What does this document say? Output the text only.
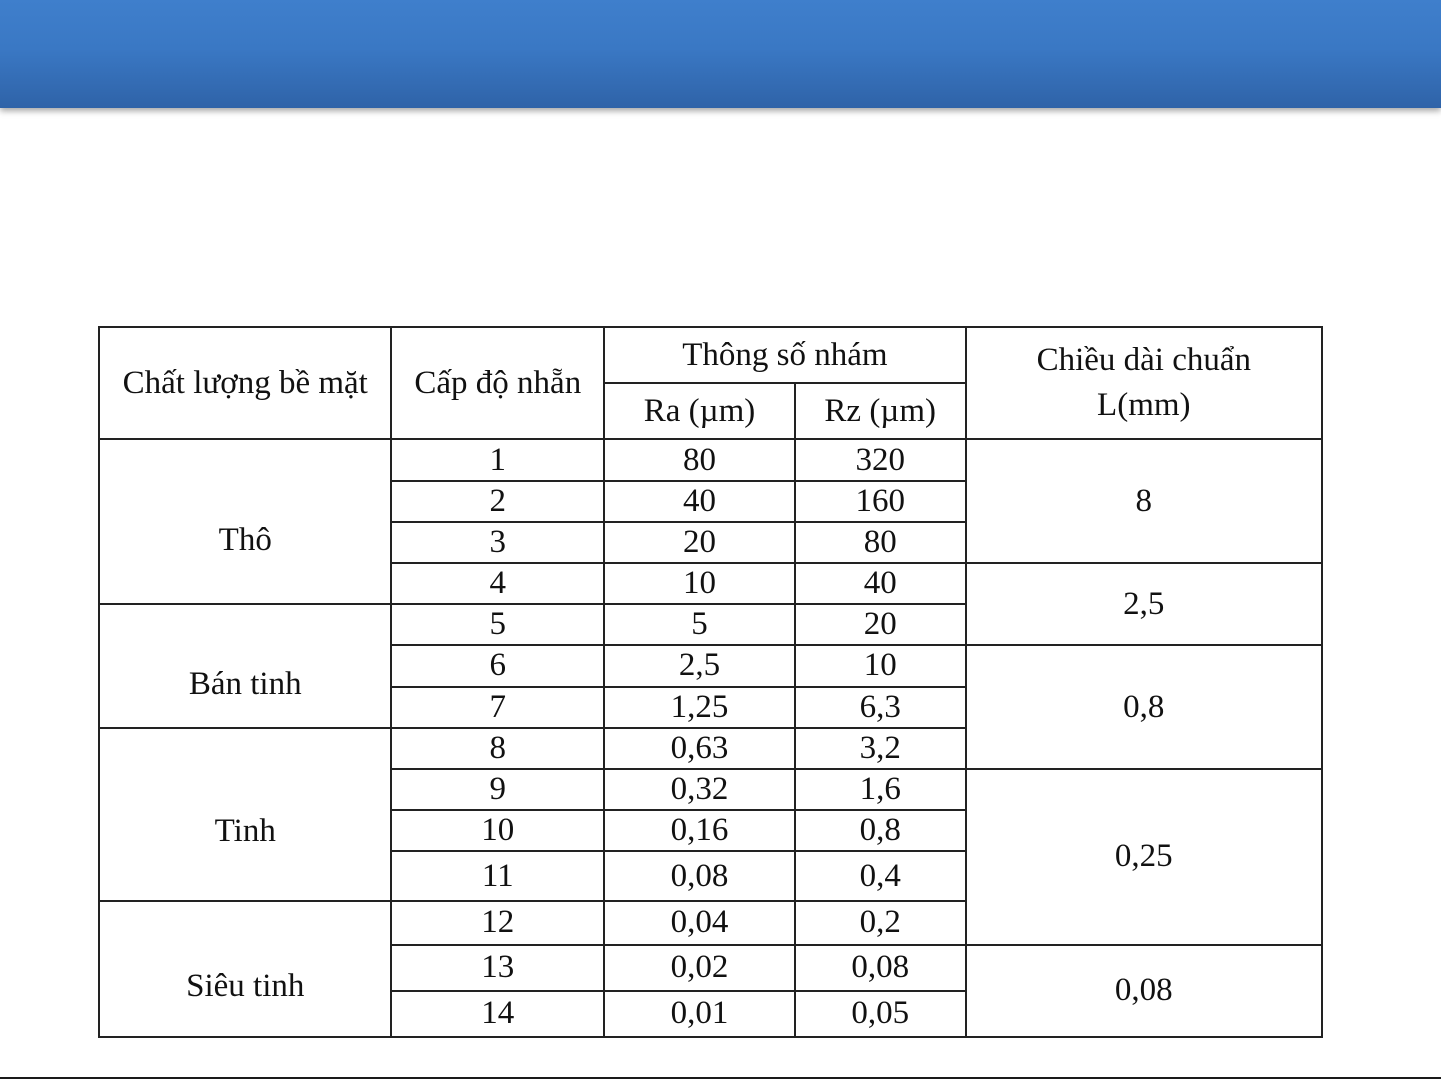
Chất lượng bề mặt	Cấp độ nhẵn	Thông số nhám		Chiều dài chuẩn
L(mm)

		Ra (µm)	Rz (µm)	

Thô	1	80	320	8
	2	40	160	
	3	20	80	
	4	10	40	2,5

Bán tinh	5	5	20	
	6	2,5	10	0,8
	7	1,25	6,3	

Tinh	8	0,63	3,2	
	9	0,32	1,6	0,25
	10	0,16	0,8	
	11	0,08	0,4	

Siêu tinh	12	0,04	0,2	
	13	0,02	0,08	0,08
	14	0,01	0,05	
